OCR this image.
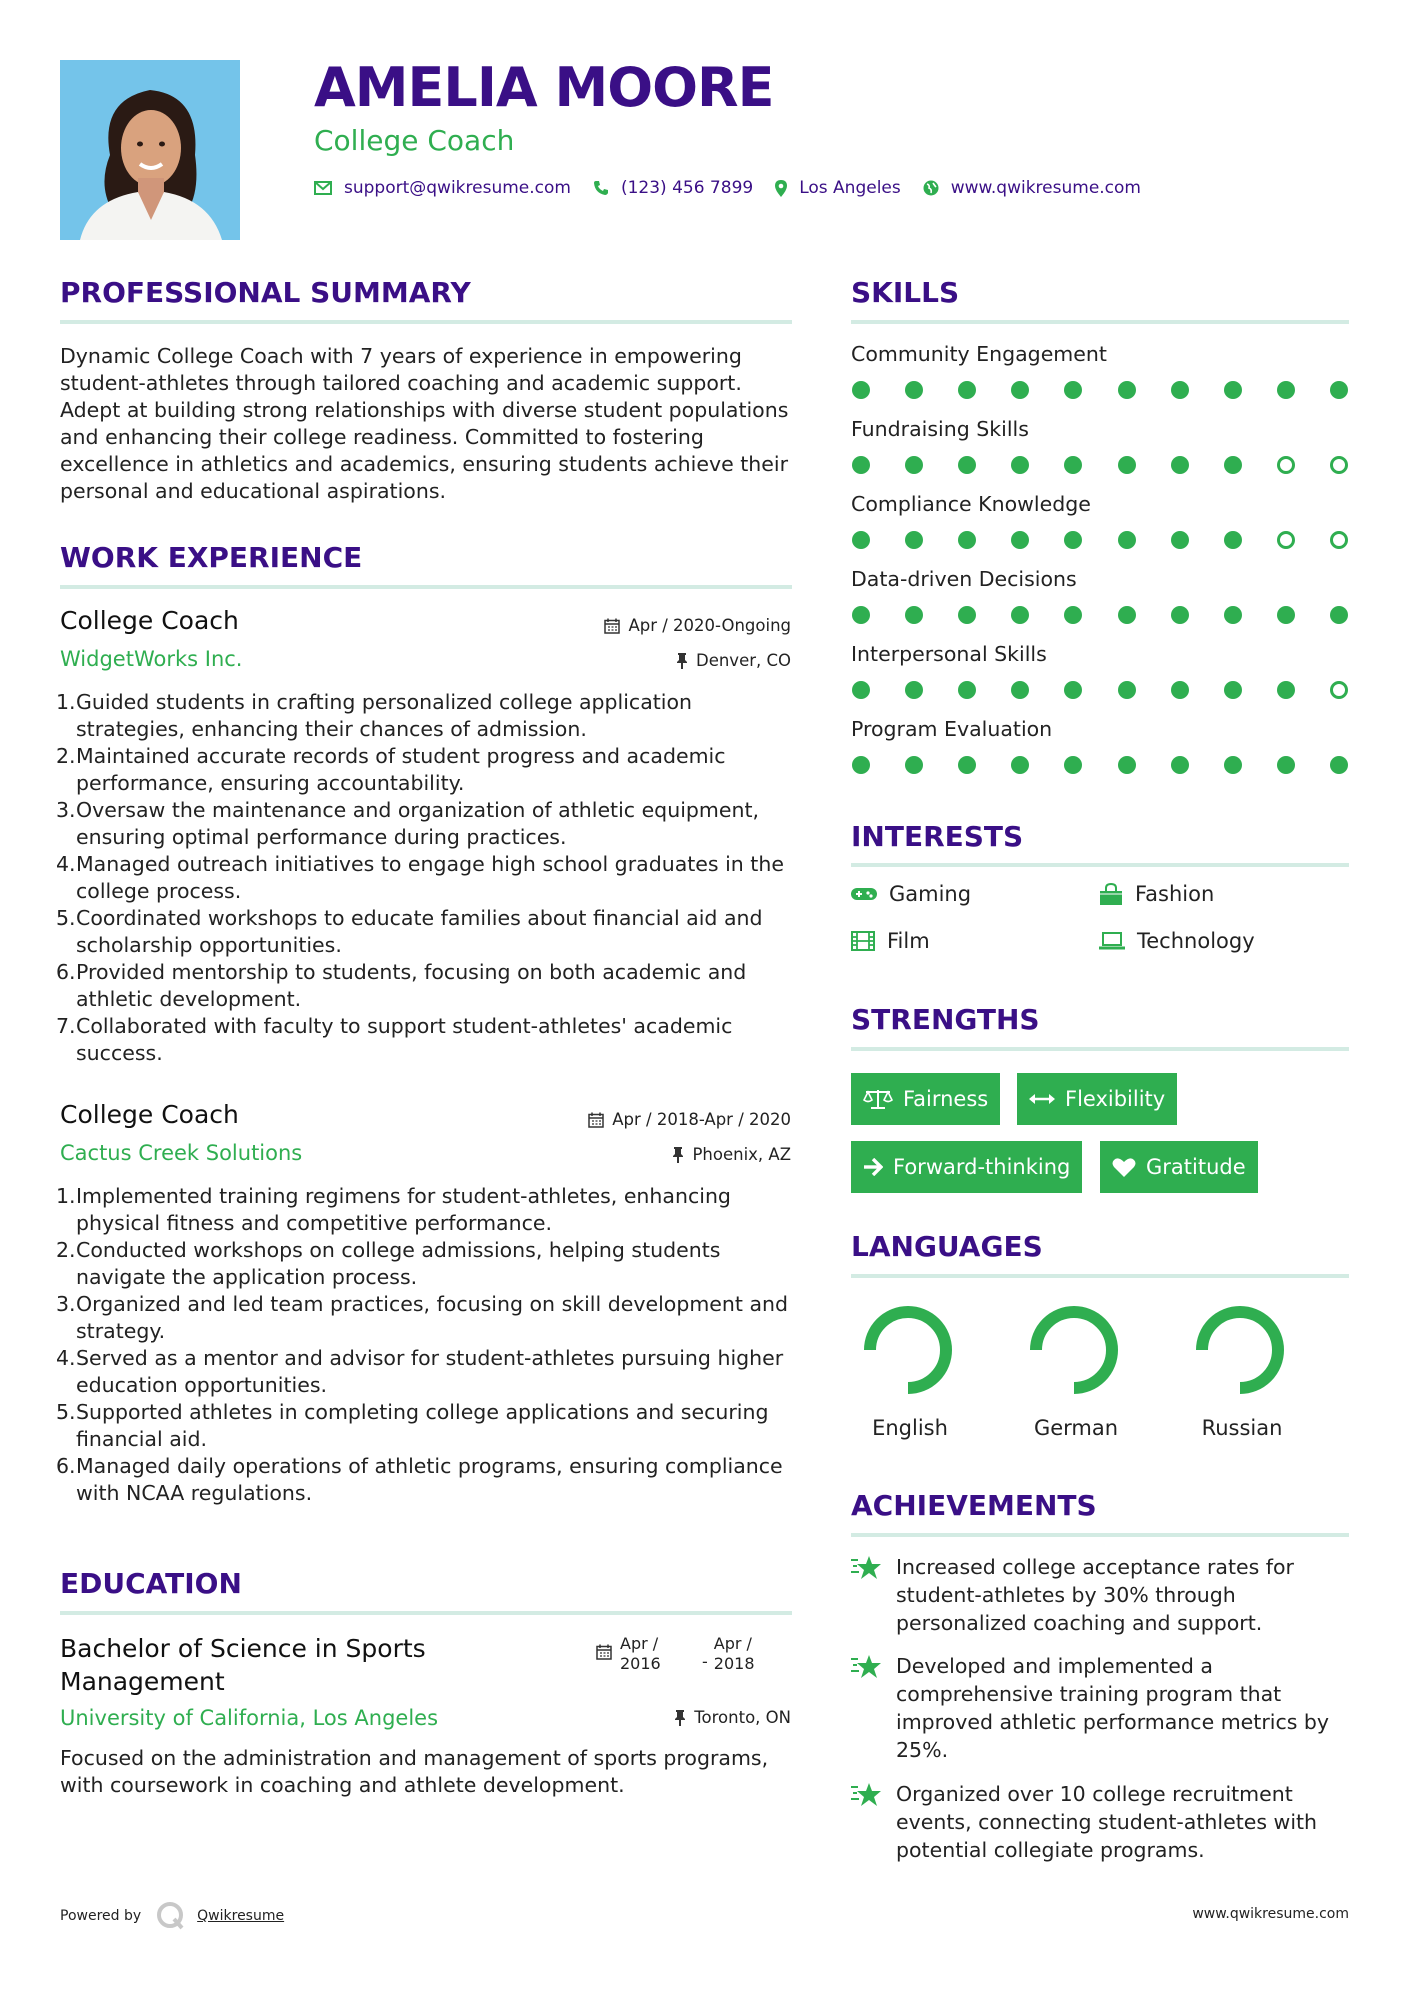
AMELIA MOORE
College Coach
support@qwikresume.com	(123) 456 7899	Los Angeles	www.qwikresume.com
PROFESSIONAL SUMMARY
Dynamic College Coach with 7 years of experience in empowering student-athletes through tailored coaching and academic support. Adept at building strong relationships with diverse student populations and enhancing their college readiness. Committed to fostering excellence in athletics and academics, ensuring students achieve their personal and educational aspirations.
WORK EXPERIENCE
College Coach	Apr / 2020-Ongoing
WidgetWorks Inc.	Denver, CO
1. Guided students in crafting personalized college application strategies, enhancing their chances of admission.
2. Maintained accurate records of student progress and academic performance, ensuring accountability.
3. Oversaw the maintenance and organization of athletic equipment, ensuring optimal performance during practices.
4. Managed outreach initiatives to engage high school graduates in the college process.
5. Coordinated workshops to educate families about financial aid and scholarship opportunities.
6. Provided mentorship to students, focusing on both academic and athletic development.
7. Collaborated with faculty to support student-athletes' academic success.
College Coach	Apr / 2018-Apr / 2020
Cactus Creek Solutions	Phoenix, AZ
1. Implemented training regimens for student-athletes, enhancing physical fitness and competitive performance.
2. Conducted workshops on college admissions, helping students navigate the application process.
3. Organized and led team practices, focusing on skill development and strategy.
4. Served as a mentor and advisor for student-athletes pursuing higher education opportunities.
5. Supported athletes in completing college applications and securing financial aid.
6. Managed daily operations of athletic programs, ensuring compliance with NCAA regulations.
EDUCATION
Bachelor of Science in Sports Management
Apr / 2016	-
Apr / 2018
University of California, Los Angeles	Toronto, ON
Focused on the administration and management of sports programs, with coursework in coaching and athlete development.
SKILLS
Community Engagement
Fundraising Skills
Compliance Knowledge
Data-driven Decisions
Interpersonal Skills
Program Evaluation
INTERESTS
Gaming	Fashion
Film	Technology
STRENGTHS
Fairness	Flexibility
Forward-thinking	Gratitude
LANGUAGES
English	German	Russian
ACHIEVEMENTS
Increased college acceptance rates for student-athletes by 30% through personalized coaching and support.
Developed and implemented a comprehensive training program that improved athletic performance metrics by 25%.
Organized over 10 college recruitment events, connecting student-athletes with potential collegiate programs.
Powered by	Qwikresume	www.qwikresume.com
